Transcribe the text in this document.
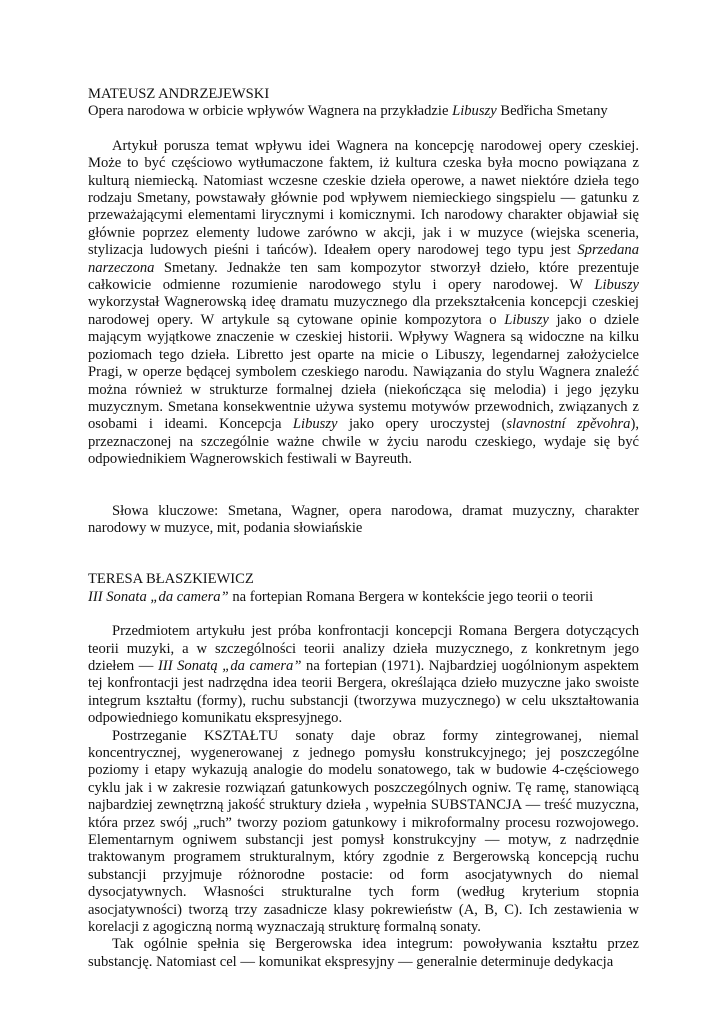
MATEUSZ ANDRZEJEWSKI

Opera narodowa w orbicie wpływów Wagnera na przykładzie Libuszy Bedřicha Smetany

Artykuł porusza temat wpływu idei Wagnera na koncepcję narodowej opery czeskiej. Może to być częściowo wytłumaczone faktem, iż kultura czeska była mocno powiązana z kulturą niemiecką. Natomiast wczesne czeskie dzieła operowe, a nawet niektóre dzieła tego rodzaju Smetany, powstawały głównie pod wpływem niemieckiego singspielu — gatunku z przeważającymi elementami lirycznymi i komicznymi. Ich narodowy charakter objawiał się głównie poprzez elementy ludowe zarówno w akcji, jak i w muzyce (wiejska sceneria, stylizacja ludowych pieśni i tańców). Ideałem opery narodowej tego typu jest Sprzedana narzeczona Smetany. Jednakże ten sam kompozytor stworzył dzieło, które prezentuje całkowicie odmienne rozumienie narodowego stylu i opery narodowej. W Libuszy wykorzystał Wagnerowską ideę dramatu muzycznego dla przekształcenia koncepcji czeskiej narodowej opery. W artykule są cytowane opinie kompozytora o Libuszy jako o dziele mającym wyjątkowe znaczenie w czeskiej historii. Wpływy Wagnera są widoczne na kilku poziomach tego dzieła. Libretto jest oparte na micie o Libuszy, legendarnej założycielce Pragi, w operze będącej symbolem czeskiego narodu. Nawiązania do stylu Wagnera znaleźć można również w strukturze formalnej dzieła (niekończąca się melodia) i jego języku muzycznym. Smetana konsekwentnie używa systemu motywów przewodnich, związanych z osobami i ideami. Koncepcja Libuszy jako opery uroczystej (slavnostní zpěvohra), przeznaczonej na szczególnie ważne chwile w życiu narodu czeskiego, wydaje się być odpowiednikiem Wagnerowskich festiwali w Bayreuth.

Słowa kluczowe: Smetana, Wagner, opera narodowa, dramat muzyczny, charakter narodowy w muzyce, mit, podania słowiańskie

TERESA BŁASZKIEWICZ

III Sonata „da camera” na fortepian Romana Bergera w kontekście jego teorii o teorii

Przedmiotem artykułu jest próba konfrontacji koncepcji Romana Bergera dotyczących teorii muzyki, a w szczególności teorii analizy dzieła muzycznego, z konkretnym jego dziełem — III Sonatą „da camera” na fortepian (1971). Najbardziej uogólnionym aspektem tej konfrontacji jest nadrzędna idea teorii Bergera, określająca dzieło muzyczne jako swoiste integrum kształtu (formy), ruchu substancji (tworzywa muzycznego) w celu ukształtowania odpowiedniego komunikatu ekspresyjnego.

Postrzeganie KSZTAŁTU sonaty daje obraz formy zintegrowanej, niemal koncentrycznej, wygenerowanej z jednego pomysłu konstrukcyjnego; jej poszczególne poziomy i etapy wykazują analogie do modelu sonatowego, tak w budowie 4-częściowego cyklu jak i w zakresie rozwiązań gatunkowych poszczególnych ogniw. Tę ramę, stanowiącą najbardziej zewnętrzną jakość struktury dzieła , wypełnia SUBSTANCJA — treść muzyczna, która przez swój „ruch” tworzy poziom gatunkowy i mikroformalny procesu rozwojowego. Elementarnym ogniwem substancji jest pomysł konstrukcyjny — motyw, z nadrzędnie traktowanym programem strukturalnym, który zgodnie z Bergerowską koncepcją ruchu substancji przyjmuje różnorodne postacie: od form asocjatywnych do niemal dysocjatywnych. Własności strukturalne tych form (według kryterium stopnia asocjatywności) tworzą trzy zasadnicze klasy pokrewieństw (A, B, C). Ich zestawienia w korelacji z agogiczną normą wyznaczają strukturę formalną sonaty.

Tak ogólnie spełnia się Bergerowska idea integrum: powoływania kształtu przez substancję. Natomiast cel — komunikat ekspresyjny — generalnie determinuje dedykacja
